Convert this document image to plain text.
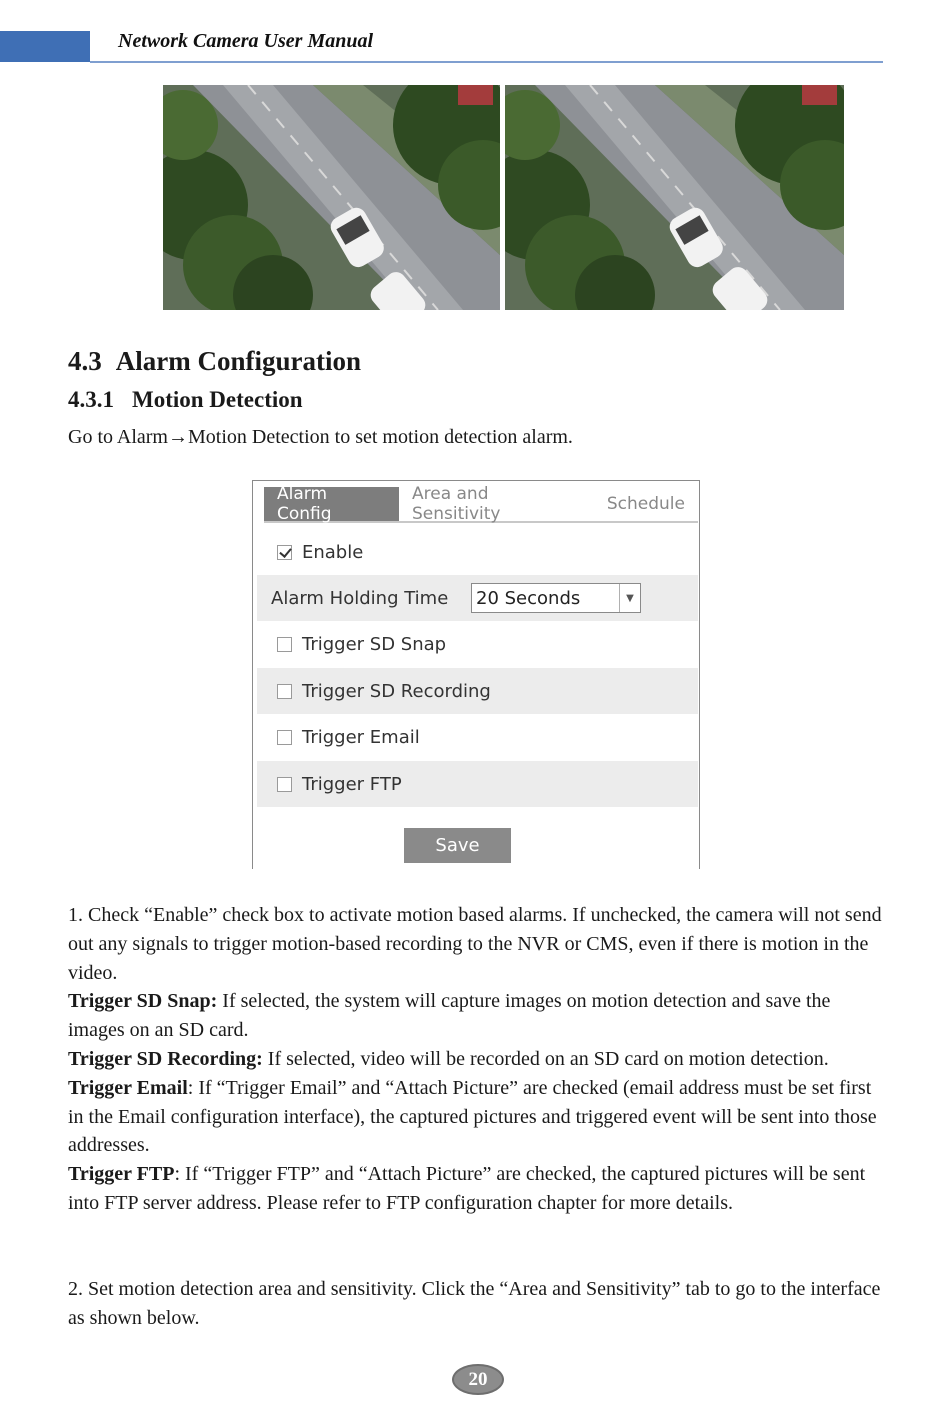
Network Camera User Manual
4.3 Alarm Configuration
4.3.1 Motion Detection
Go to Alarm→Motion Detection to set motion detection alarm.
Alarm Config
Area and Sensitivity	Schedule
Enable
Alarm Holding Time	20 Seconds	▼
Trigger SD Snap
Trigger SD Recording
Trigger Email
Trigger FTP
Save

1. Check “Enable” check box to activate motion based alarms. If unchecked, the camera will not send out any signals to trigger motion-based recording to the NVR or CMS, even if there is motion in the video.

Trigger SD Snap: If selected, the system will capture images on motion detection and save the images on an SD card.

Trigger SD Recording: If selected, video will be recorded on an SD card on motion detection.

Trigger Email: If “Trigger Email” and “Attach Picture” are checked (email address must be set first in the Email configuration interface), the captured pictures and triggered event will be sent into those addresses.

Trigger FTP: If “Trigger FTP” and “Attach Picture” are checked, the captured pictures will be sent into FTP server address. Please refer to FTP configuration chapter for more details.

2. Set motion detection area and sensitivity. Click the “Area and Sensitivity” tab to go to the interface as shown below.
20
